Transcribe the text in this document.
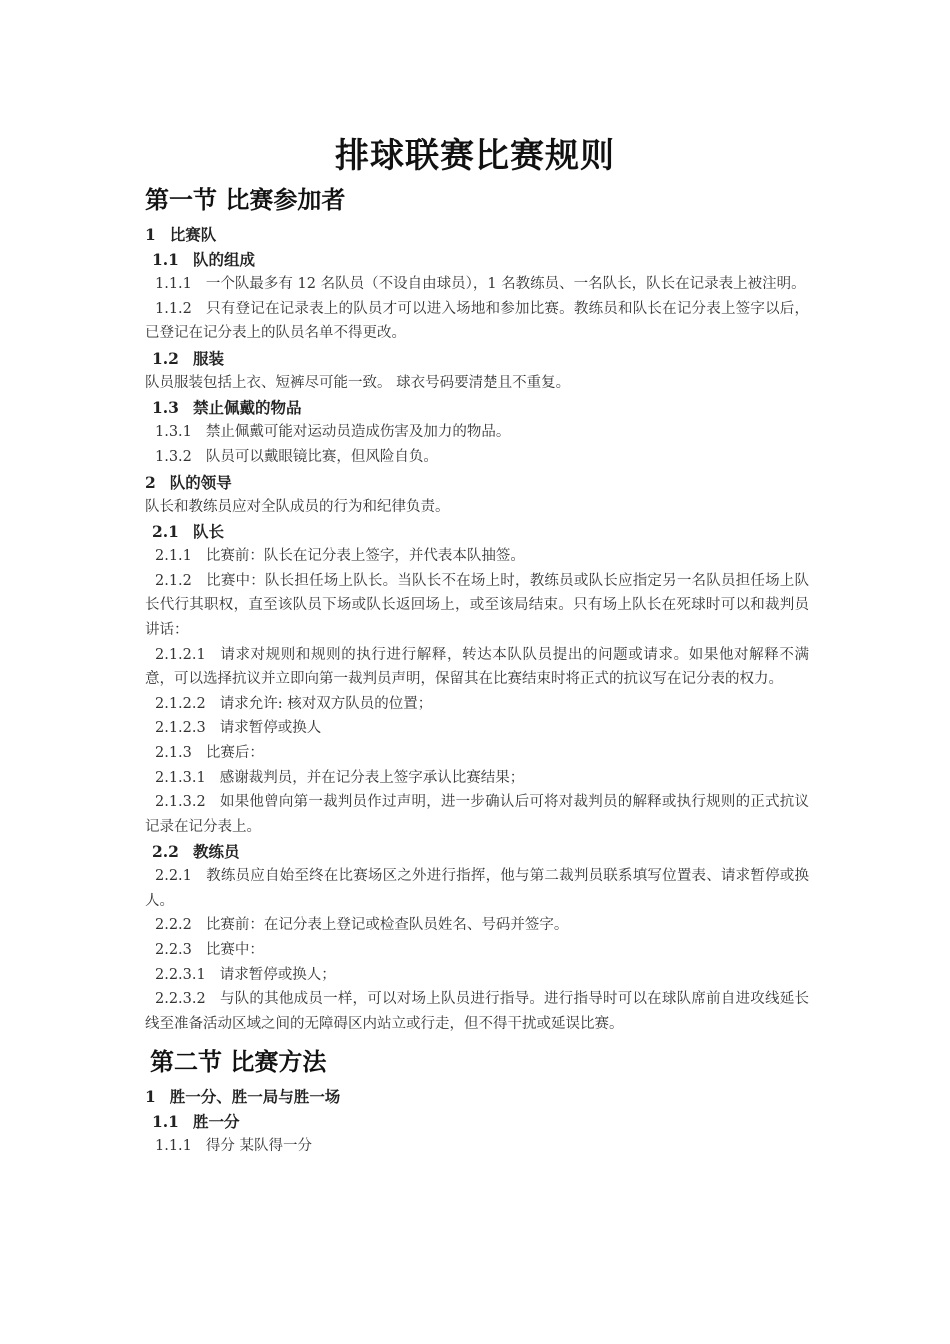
排球联赛比赛规则
第一节 比赛参加者
1 比赛队
1.1 队的组成
1.1.1 一个队最多有 12 名队员（不设自由球员），1 名教练员、一名队长，队长在记录表上被注明。
1.1.2 只有登记在记录表上的队员才可以进入场地和参加比赛。教练员和队长在记分表上签字以后，已登记在记分表上的队员名单不得更改。
1.2 服装
队员服装包括上衣、短裤尽可能一致。 球衣号码要清楚且不重复。
1.3 禁止佩戴的物品
1.3.1 禁止佩戴可能对运动员造成伤害及加力的物品。
1.3.2 队员可以戴眼镜比赛，但风险自负。
2 队的领导
队长和教练员应对全队成员的行为和纪律负责。
2.1 队长
2.1.1 比赛前：队长在记分表上签字，并代表本队抽签。
2.1.2 比赛中：队长担任场上队长。当队长不在场上时，教练员或队长应指定另一名队员担任场上队长代行其职权，直至该队员下场或队长返回场上，或至该局结束。只有场上队长在死球时可以和裁判员讲话：
2.1.2.1 请求对规则和规则的执行进行解释，转达本队队员提出的问题或请求。如果他对解释不满意，可以选择抗议并立即向第一裁判员声明，保留其在比赛结束时将正式的抗议写在记分表的权力。
2.1.2.2 请求允许: 核对双方队员的位置；
2.1.2.3 请求暂停或换人
2.1.3 比赛后：
2.1.3.1 感谢裁判员，并在记分表上签字承认比赛结果；
2.1.3.2 如果他曾向第一裁判员作过声明，进一步确认后可将对裁判员的解释或执行规则的正式抗议记录在记分表上。
2.2 教练员
2.2.1 教练员应自始至终在比赛场区之外进行指挥，他与第二裁判员联系填写位置表、请求暂停或换人。
2.2.2 比赛前：在记分表上登记或检查队员姓名、号码并签字。
2.2.3 比赛中：
2.2.3.1 请求暂停或换人；
2.2.3.2 与队的其他成员一样，可以对场上队员进行指导。进行指导时可以在球队席前自进攻线延长线至准备活动区域之间的无障碍区内站立或行走，但不得干扰或延误比赛。
第二节 比赛方法
1 胜一分、胜一局与胜一场
1.1 胜一分
1.1.1 得分 某队得一分
